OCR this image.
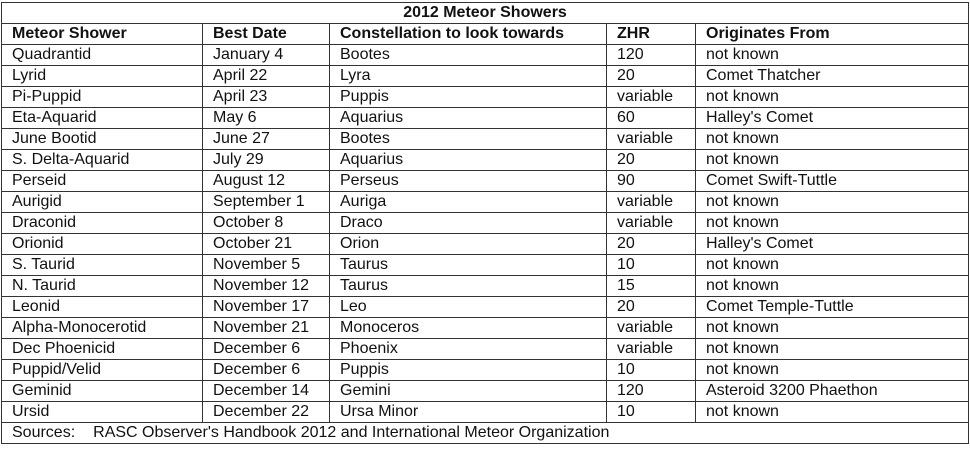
2012 Meteor Showers				
Meteor Shower	Best Date	Constellation to look towards	ZHR	Originates From
Quadrantid	January 4	Bootes	120	not known
Lyrid	April 22	Lyra	20	Comet Thatcher
Pi-Puppid	April 23	Puppis	variable	not known
Eta-Aquarid	May 6	Aquarius	60	Halley's Comet
June Bootid	June 27	Bootes	variable	not known
S. Delta-Aquarid	July 29	Aquarius	20	not known
Perseid	August 12	Perseus	90	Comet Swift-Tuttle
Aurigid	September 1	Auriga	variable	not known
Draconid	October 8	Draco	variable	not known
Orionid	October 21	Orion	20	Halley's Comet
S. Taurid	November 5	Taurus	10	not known
N. Taurid	November 12	Taurus	15	not known
Leonid	November 17	Leo	20	Comet Temple-Tuttle
Alpha-Monocerotid	November 21	Monoceros	variable	not known
Dec Phoenicid	December 6	Phoenix	variable	not known
Puppid/Velid	December 6	Puppis	10	not known
Geminid	December 14	Gemini	120	Asteroid 3200 Phaethon
Ursid	December 22	Ursa Minor	10	not known
Sources: RASC Observer's Handbook 2012 and International Meteor Organization				
